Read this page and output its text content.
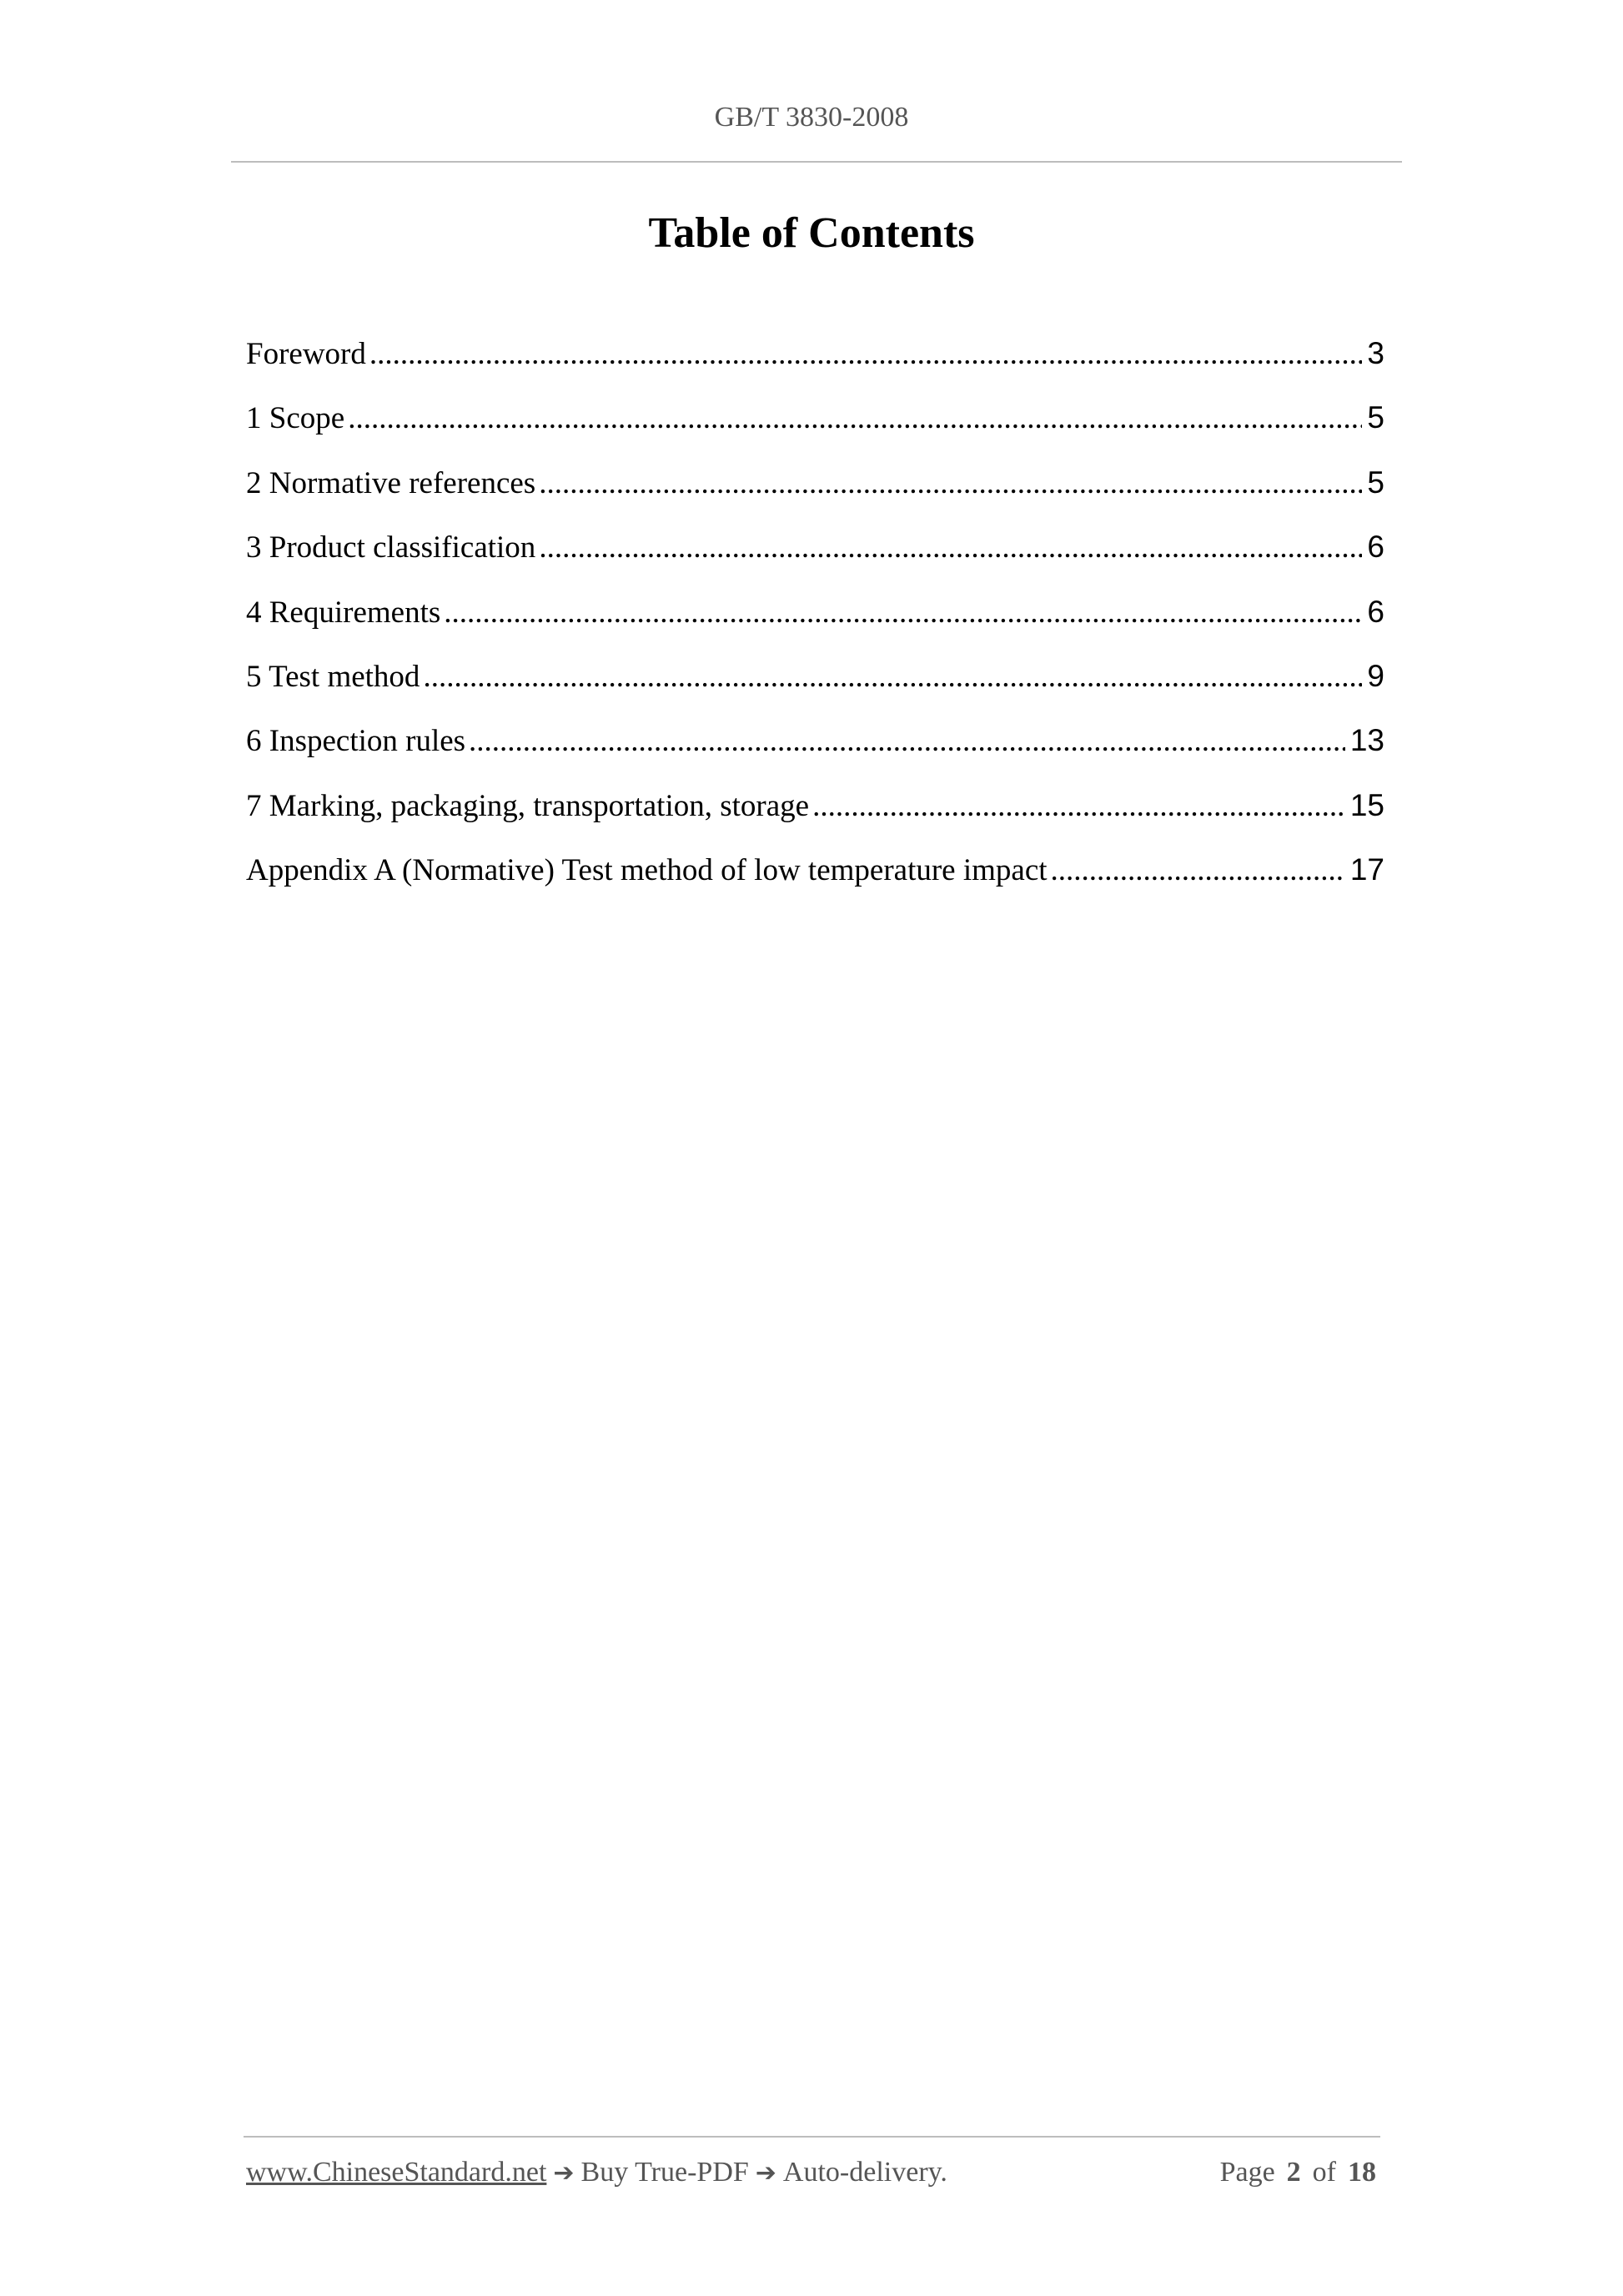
GB/T 3830-2008
Table of Contents
Foreword .....	3
1 Scope .....	5
2 Normative references .....	5
3 Product classification .....	6
4 Requirements .....	6
5 Test method .....	9
6 Inspection rules .....	13
7 Marking, packaging, transportation, storage .....	15
Appendix A (Normative) Test method of low temperature impact .....	17
www.ChineseStandard.net ➔ Buy True-PDF ➔ Auto-delivery.	Page 2 of 18
